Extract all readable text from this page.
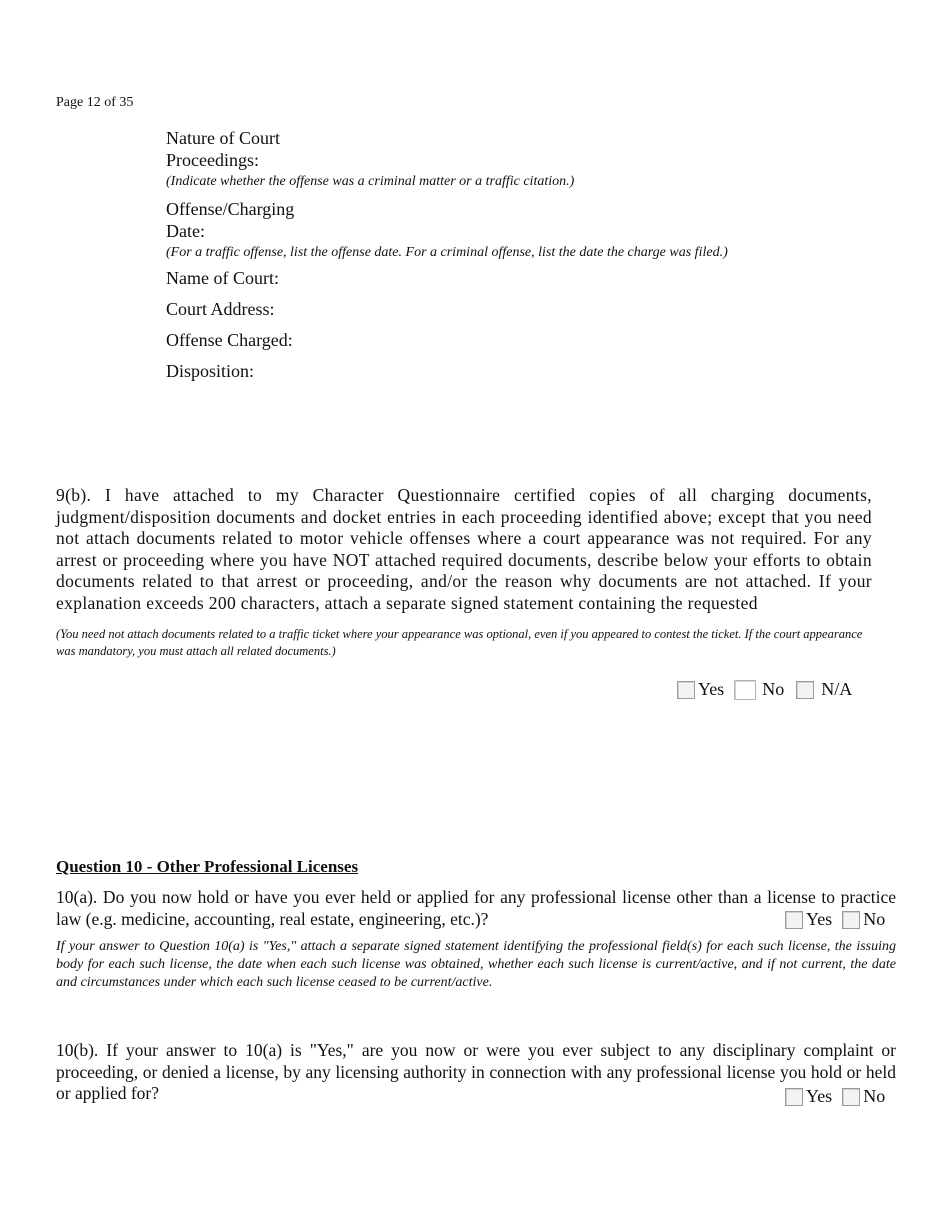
Page 12 of 35
Nature of Court
Proceedings:
(Indicate whether the offense was a criminal matter or a traffic citation.)
Offense/Charging
Date:
(For a traffic offense, list the offense date. For a criminal offense, list the date the charge was filed.)
Name of Court:
Court Address:
Offense Charged:
Disposition:
9(b). I have attached to my Character Questionnaire certified copies of all charging documents, judgment/disposition documents and docket entries in each proceeding identified above; except that you need not attach documents related to motor vehicle offenses where a court appearance was not required. For any arrest or proceeding where you have NOT attached required documents, describe below your efforts to obtain documents related to that arrest or proceeding, and/or the reason why documents are not attached. If your explanation exceeds 200 characters, attach a separate signed statement containing the requested
(You need not attach documents related to a traffic ticket where your appearance was optional, even if you appeared to contest the ticket. If the court appearance was mandatory, you must attach all related documents.)
Yes No N/A
Question 10 - Other Professional Licenses
10(a). Do you now hold or have you ever held or applied for any professional license other than a license to practice law (e.g. medicine, accounting, real estate, engineering, etc.)?	Yes No
If your answer to Question 10(a) is "Yes," attach a separate signed statement identifying the professional field(s) for each such license, the issuing body for each such license, the date when each such license was obtained, whether each such license is current/active, and if not current, the date and circumstances under which each such license ceased to be current/active.
10(b). If your answer to 10(a) is "Yes," are you now or were you ever subject to any disciplinary complaint or proceeding, or denied a license, by any licensing authority in connection with any professional license you hold or held or applied for?	Yes No
